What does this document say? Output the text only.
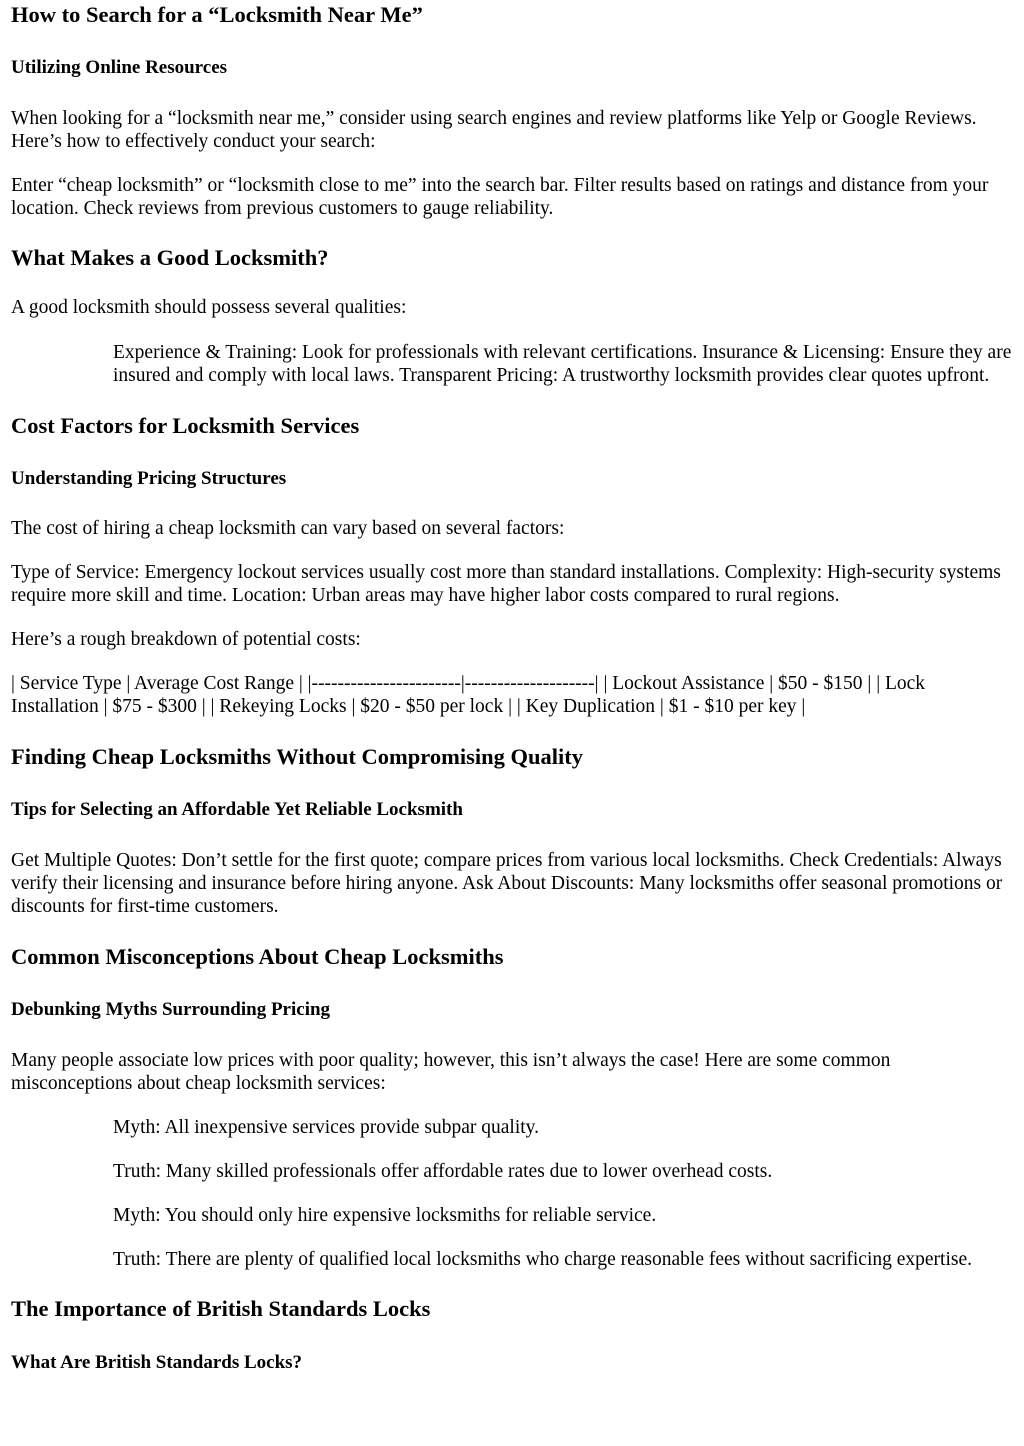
How to Search for a “Locksmith Near Me”
Utilizing Online Resources

When looking for a “locksmith near me,” consider using search engines and review platforms like Yelp or Google Reviews. Here’s how to effectively conduct your search:

Enter “cheap locksmith” or “locksmith close to me” into the search bar. Filter results based on ratings and distance from your location. Check reviews from previous customers to gauge reliability.

What Makes a Good Locksmith?

A good locksmith should possess several qualities:

Experience & Training: Look for professionals with relevant certifications. Insurance & Licensing: Ensure they are insured and comply with local laws. Transparent Pricing: A trustworthy locksmith provides clear quotes upfront.
Cost Factors for Locksmith Services
Understanding Pricing Structures

The cost of hiring a cheap locksmith can vary based on several factors:

Type of Service: Emergency lockout services usually cost more than standard installations. Complexity: High-security systems require more skill and time. Location: Urban areas may have higher labor costs compared to rural regions.

Here’s a rough breakdown of potential costs:

| Service Type | Average Cost Range | |-----------------------|--------------------| | Lockout Assistance | $50 - $150 | | Lock Installation | $75 - $300 | | Rekeying Locks | $20 - $50 per lock | | Key Duplication | $1 - $10 per key |

Finding Cheap Locksmiths Without Compromising Quality
Tips for Selecting an Affordable Yet Reliable Locksmith

Get Multiple Quotes: Don’t settle for the first quote; compare prices from various local locksmiths. Check Credentials: Always verify their licensing and insurance before hiring anyone. Ask About Discounts: Many locksmiths offer seasonal promotions or discounts for first-time customers.

Common Misconceptions About Cheap Locksmiths
Debunking Myths Surrounding Pricing

Many people associate low prices with poor quality; however, this isn’t always the case! Here are some common misconceptions about cheap locksmith services:

Myth: All inexpensive services provide subpar quality.
Truth: Many skilled professionals offer affordable rates due to lower overhead costs.
Myth: You should only hire expensive locksmiths for reliable service.
Truth: There are plenty of qualified local locksmiths who charge reasonable fees without sacrificing expertise.
The Importance of British Standards Locks
What Are British Standards Locks?
